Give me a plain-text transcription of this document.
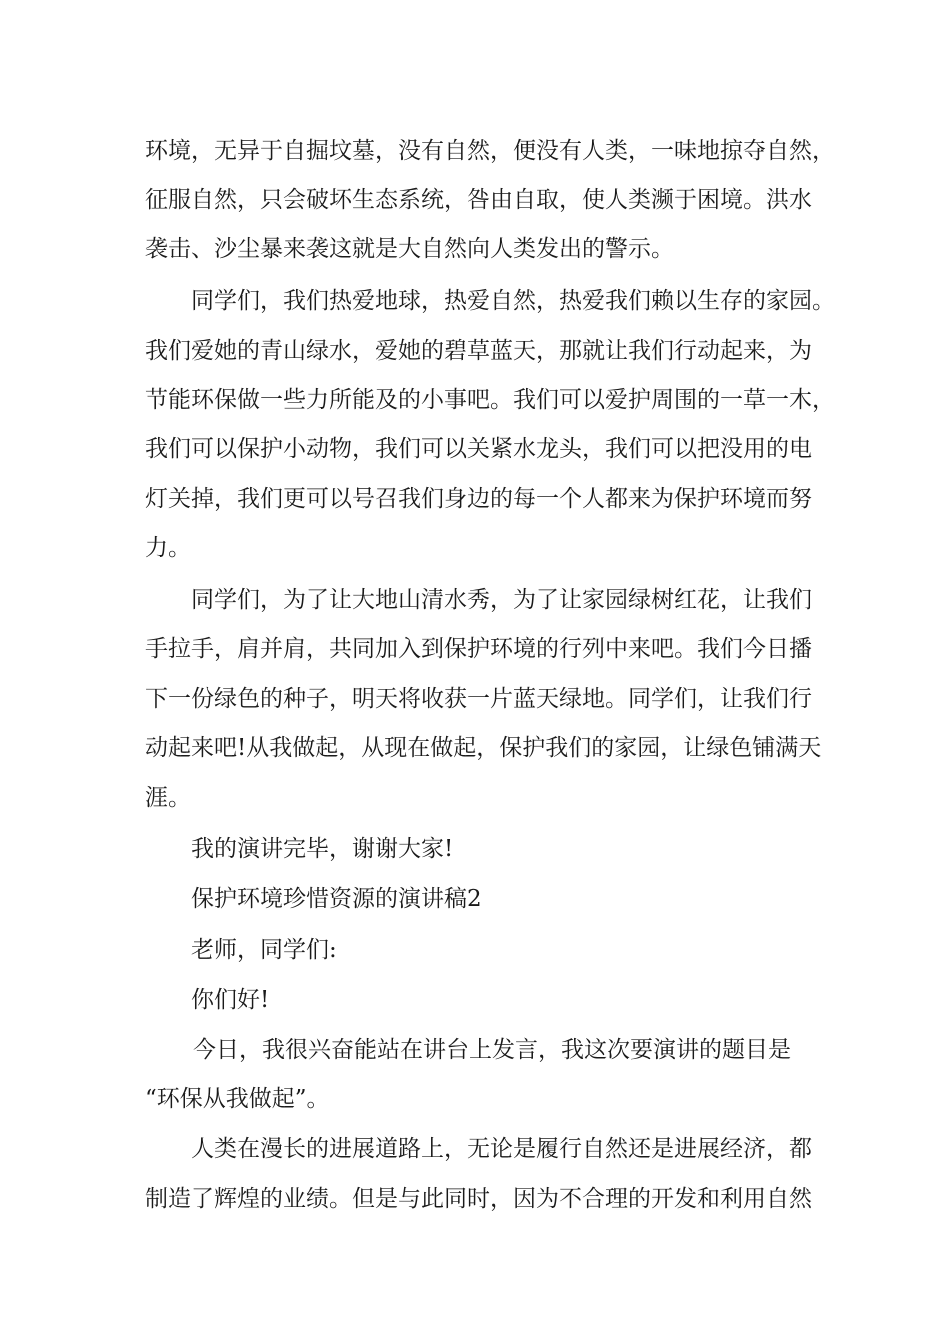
环境，无异于自掘坟墓，没有自然，便没有人类，一味地掠夺自然，
征服自然，只会破坏生态系统，咎由自取，使人类濒于困境。洪水
袭击、沙尘暴来袭这就是大自然向人类发出的警示。
同学们，我们热爱地球，热爱自然，热爱我们赖以生存的家园。
我们爱她的青山绿水，爱她的碧草蓝天，那就让我们行动起来，为
节能环保做一些力所能及的小事吧。我们可以爱护周围的一草一木，
我们可以保护小动物，我们可以关紧水龙头，我们可以把没用的电
灯关掉，我们更可以号召我们身边的每一个人都来为保护环境而努
力。
同学们，为了让大地山清水秀，为了让家园绿树红花，让我们
手拉手，肩并肩，共同加入到保护环境的行列中来吧。我们今日播
下一份绿色的种子，明天将收获一片蓝天绿地。同学们，让我们行
动起来吧!从我做起，从现在做起，保护我们的家园，让绿色铺满天
涯。
我的演讲完毕，谢谢大家!
保护环境珍惜资源的演讲稿2
老师，同学们:
你们好!
今日，我很兴奋能站在讲台上发言，我这次要演讲的题目是
“环保从我做起”。
人类在漫长的进展道路上，无论是履行自然还是进展经济，都
制造了辉煌的业绩。但是与此同时，因为不合理的开发和利用自然
